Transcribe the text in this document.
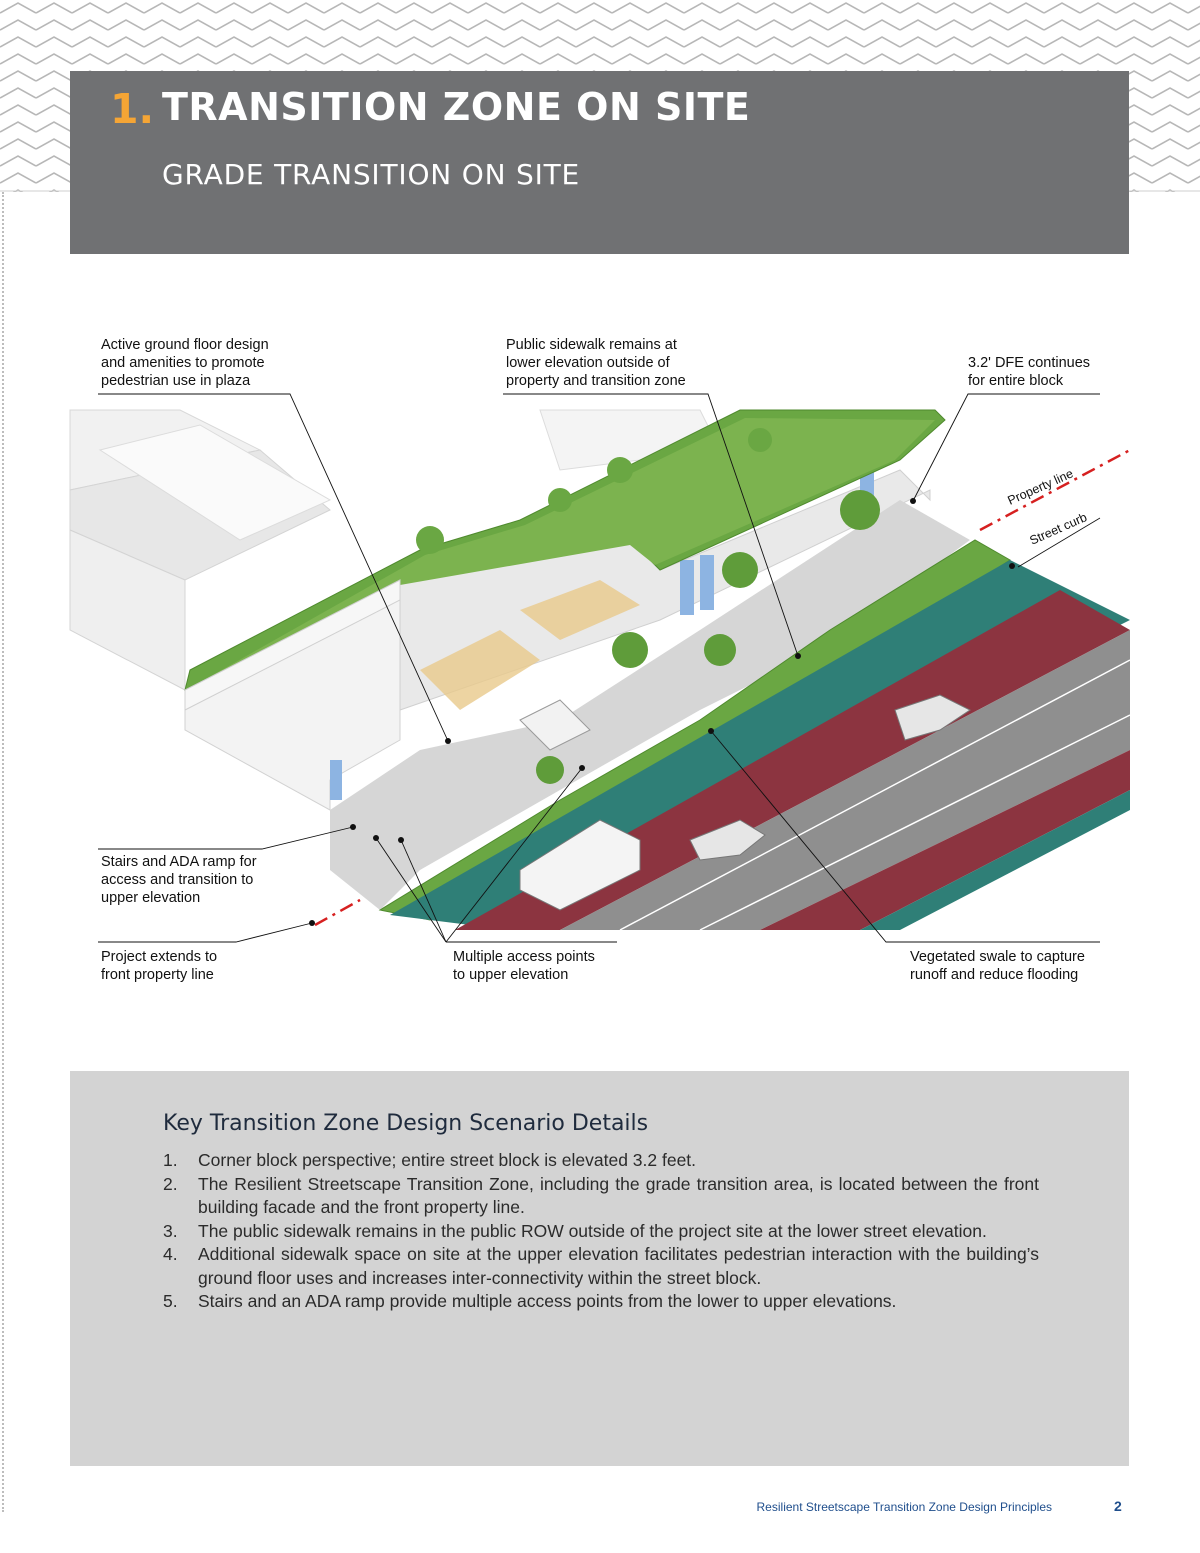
1. TRANSITION ZONE ON SITE
GRADE TRANSITION ON SITE
Property line
Street curb
Active ground floor design
and amenities to promote
pedestrian use in plaza
Public sidewalk remains at
lower elevation outside of
property and transition zone
3.2' DFE continues
for entire block
Stairs and ADA ramp for
access and transition to
upper elevation
Project extends to
front property line
Multiple access points
to upper elevation
Vegetated swale to capture
runoff and reduce flooding
Key Transition Zone Design Scenario Details
1. Corner block perspective; entire street block is elevated 3.2 feet.
2. The Resilient Streetscape Transition Zone, including the grade transition area, is located between the front building facade and the front property line.
3. The public sidewalk remains in the public ROW outside of the project site at the lower street elevation.
4. Additional sidewalk space on site at the upper elevation facilitates pedestrian interaction with the building’s ground floor uses and increases inter-connectivity within the street block.
5. Stairs and an ADA ramp provide multiple access points from the lower to upper elevations.
Resilient Streetscape Transition Zone Design Principles	2
